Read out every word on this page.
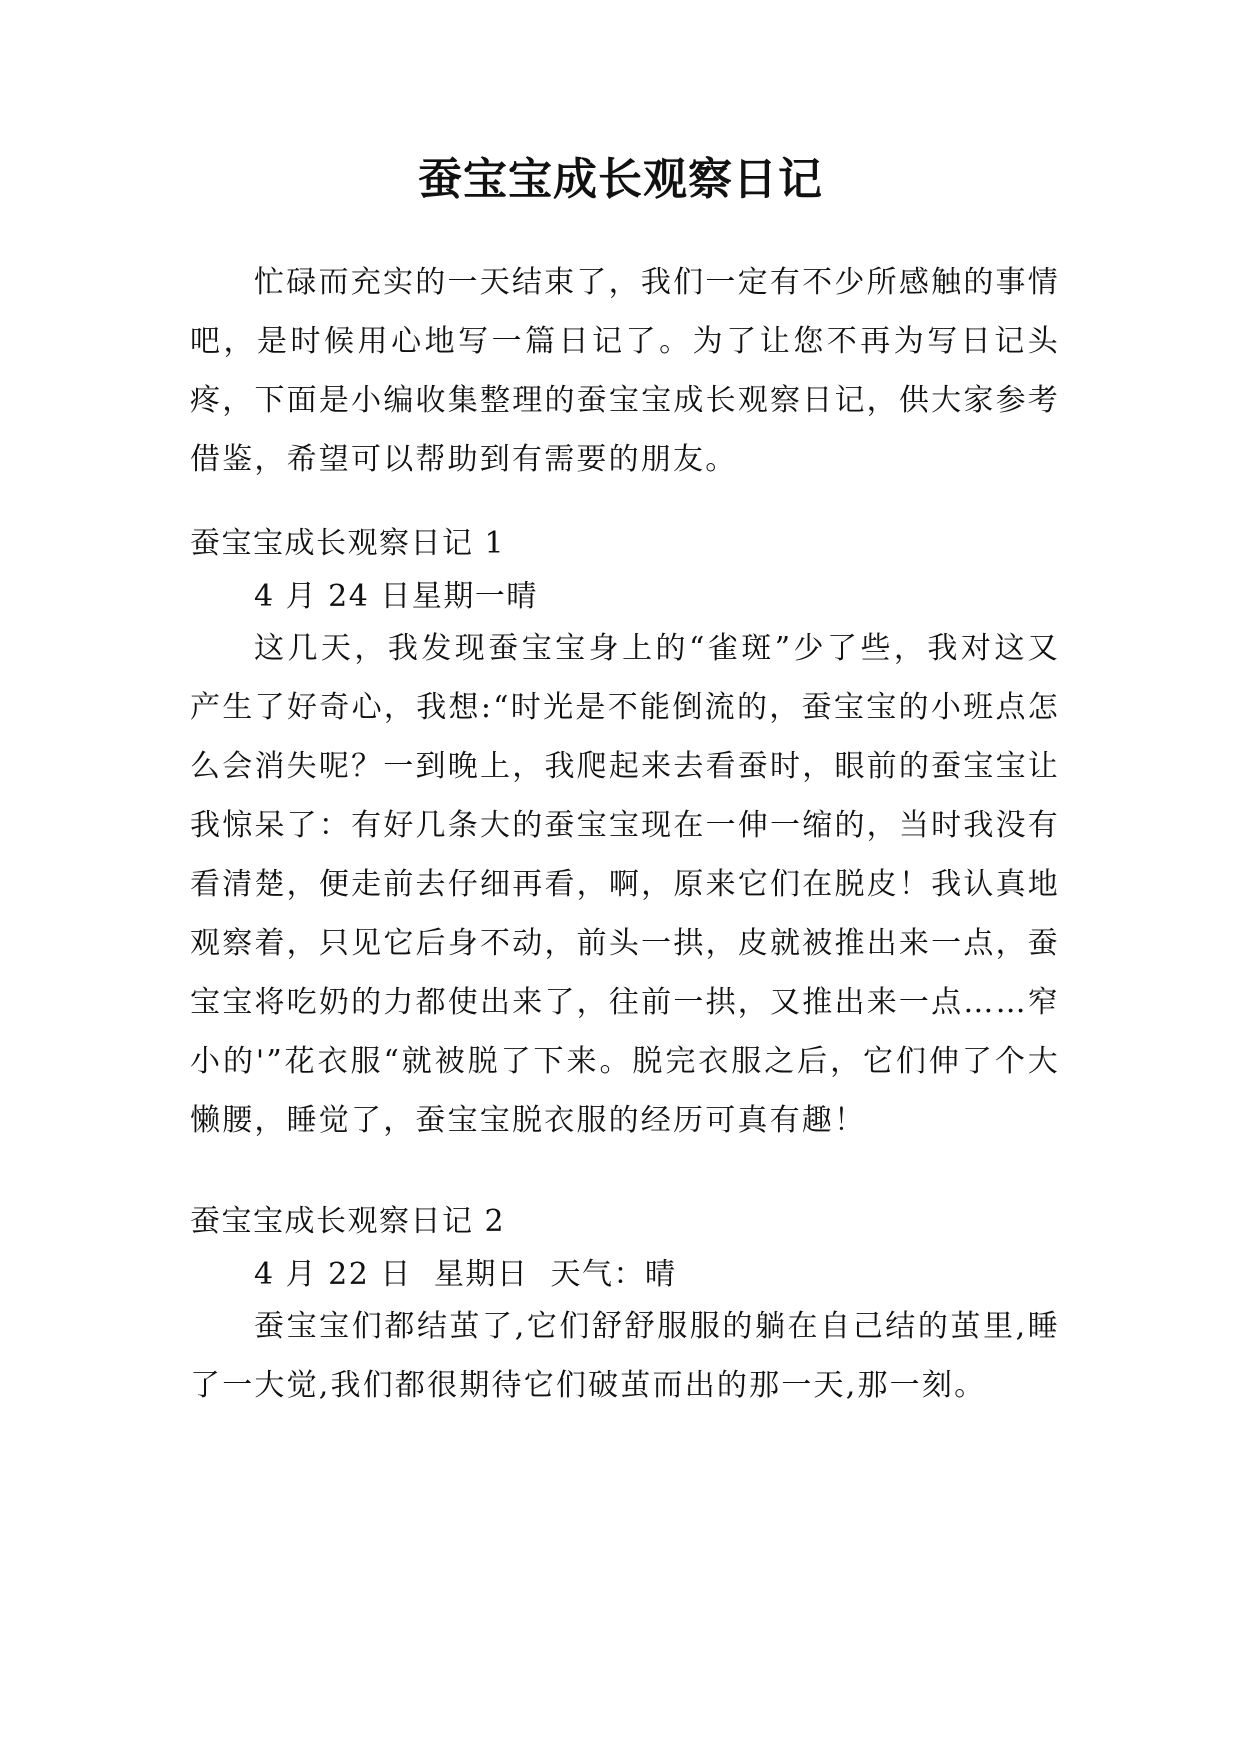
蚕宝宝成长观察日记
忙碌而充实的一天结束了，我们一定有不少所感触的事情吧，是时候用心地写一篇日记了。为了让您不再为写日记头疼，下面是小编收集整理的蚕宝宝成长观察日记，供大家参考借鉴，希望可以帮助到有需要的朋友。
蚕宝宝成长观察日记 1
4 月 24 日星期一晴
这几天，我发现蚕宝宝身上的“雀斑”少了些，我对这又产生了好奇心，我想:“时光是不能倒流的，蚕宝宝的小班点怎么会消失呢？一到晚上，我爬起来去看蚕时，眼前的蚕宝宝让我惊呆了：有好几条大的蚕宝宝现在一伸一缩的，当时我没有看清楚，便走前去仔细再看，啊，原来它们在脱皮！我认真地观察着，只见它后身不动，前头一拱，皮就被推出来一点，蚕宝宝将吃奶的力都使出来了，往前一拱，又推出来一点……窄小的'”花衣服“就被脱了下来。脱完衣服之后，它们伸了个大懒腰，睡觉了，蚕宝宝脱衣服的经历可真有趣！
蚕宝宝成长观察日记 2
4 月 22 日  星期日  天气：晴
蚕宝宝们都结茧了,它们舒舒服服的躺在自己结的茧里,睡了一大觉,我们都很期待它们破茧而出的那一天,那一刻。
